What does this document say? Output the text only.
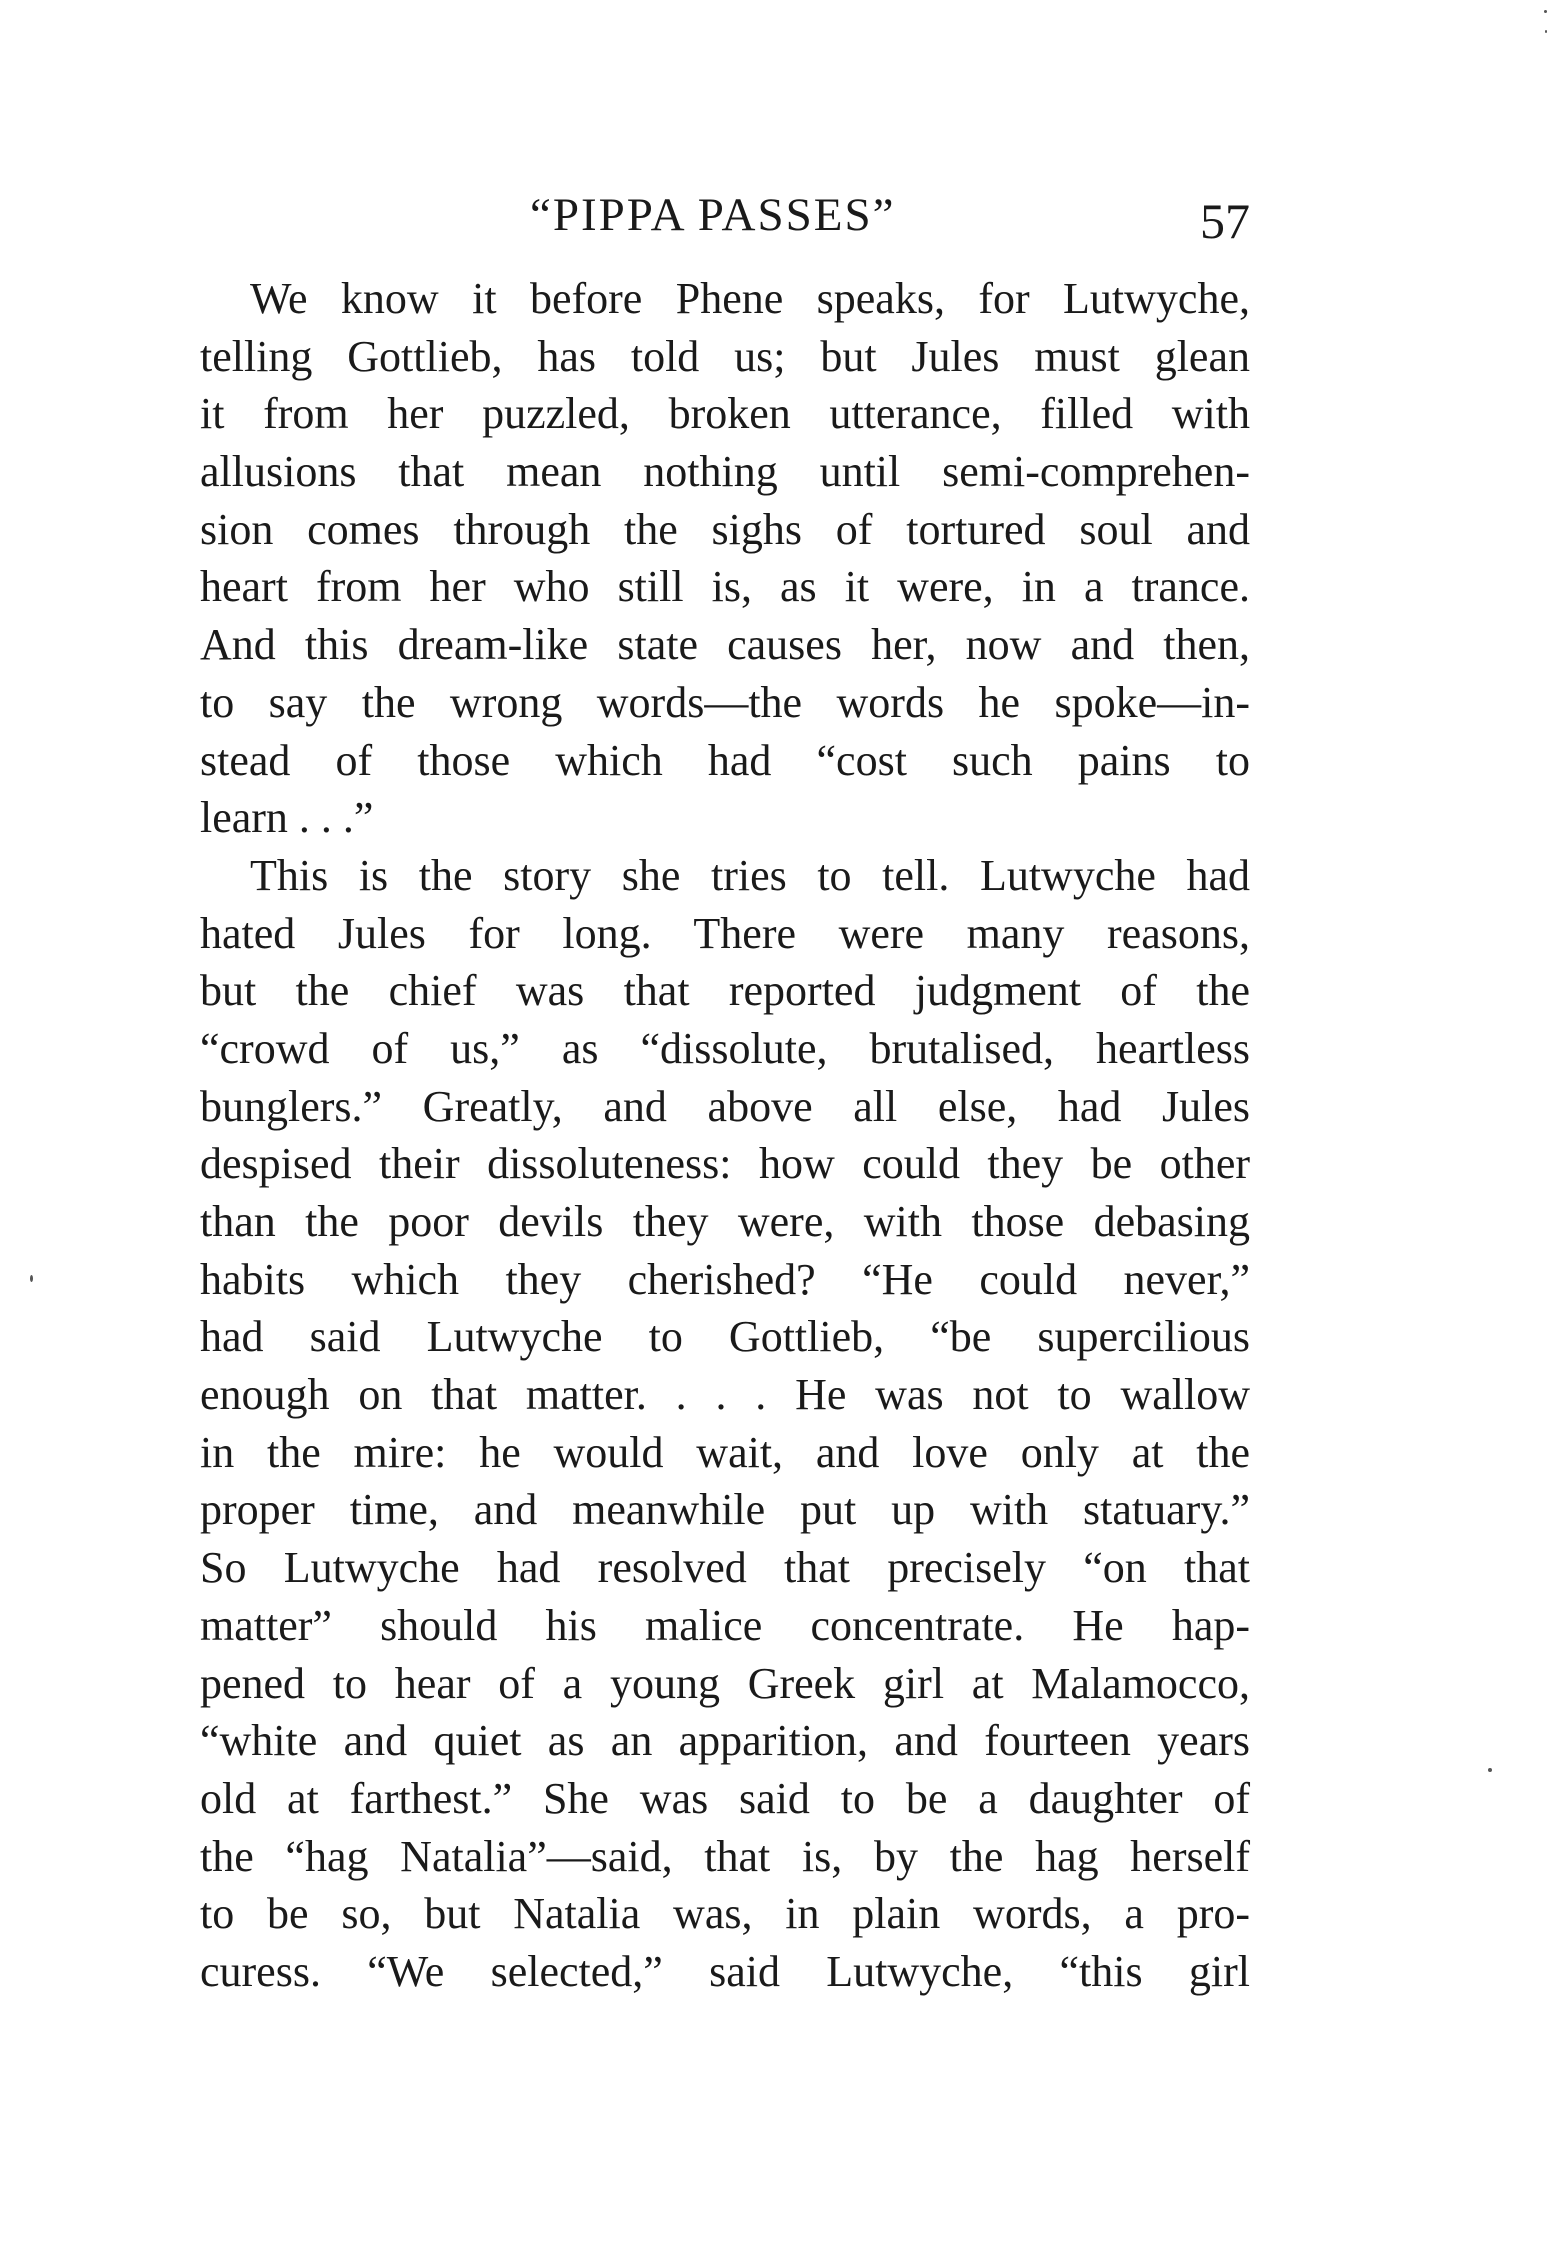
“PIPPA PASSES”	57
We know it before Phene speaks, for Lutwyche,
telling Gottlieb, has told us; but Jules must glean
it from her puzzled, broken utterance, filled with
allusions that mean nothing until semi-comprehen-
sion comes through the sighs of tortured soul and
heart from her who still is, as it were, in a trance.
And this dream-like state causes her, now and then,
to say the wrong words—the words he spoke—in-
stead of those which had “cost such pains to
learn . . .”
This is the story she tries to tell. Lutwyche had
hated Jules for long. There were many reasons,
but the chief was that reported judgment of the
“crowd of us,” as “dissolute, brutalised, heartless
bunglers.” Greatly, and above all else, had Jules
despised their dissoluteness: how could they be other
than the poor devils they were, with those debasing
habits which they cherished? “He could never,”
had said Lutwyche to Gottlieb, “be supercilious
enough on that matter. . . . He was not to wallow
in the mire: he would wait, and love only at the
proper time, and meanwhile put up with statuary.”
So Lutwyche had resolved that precisely “on that
matter” should his malice concentrate. He hap-
pened to hear of a young Greek girl at Malamocco,
“white and quiet as an apparition, and fourteen years
old at farthest.” She was said to be a daughter of
the “hag Natalia”—said, that is, by the hag herself
to be so, but Natalia was, in plain words, a pro-
curess. “We selected,” said Lutwyche, “this girl
